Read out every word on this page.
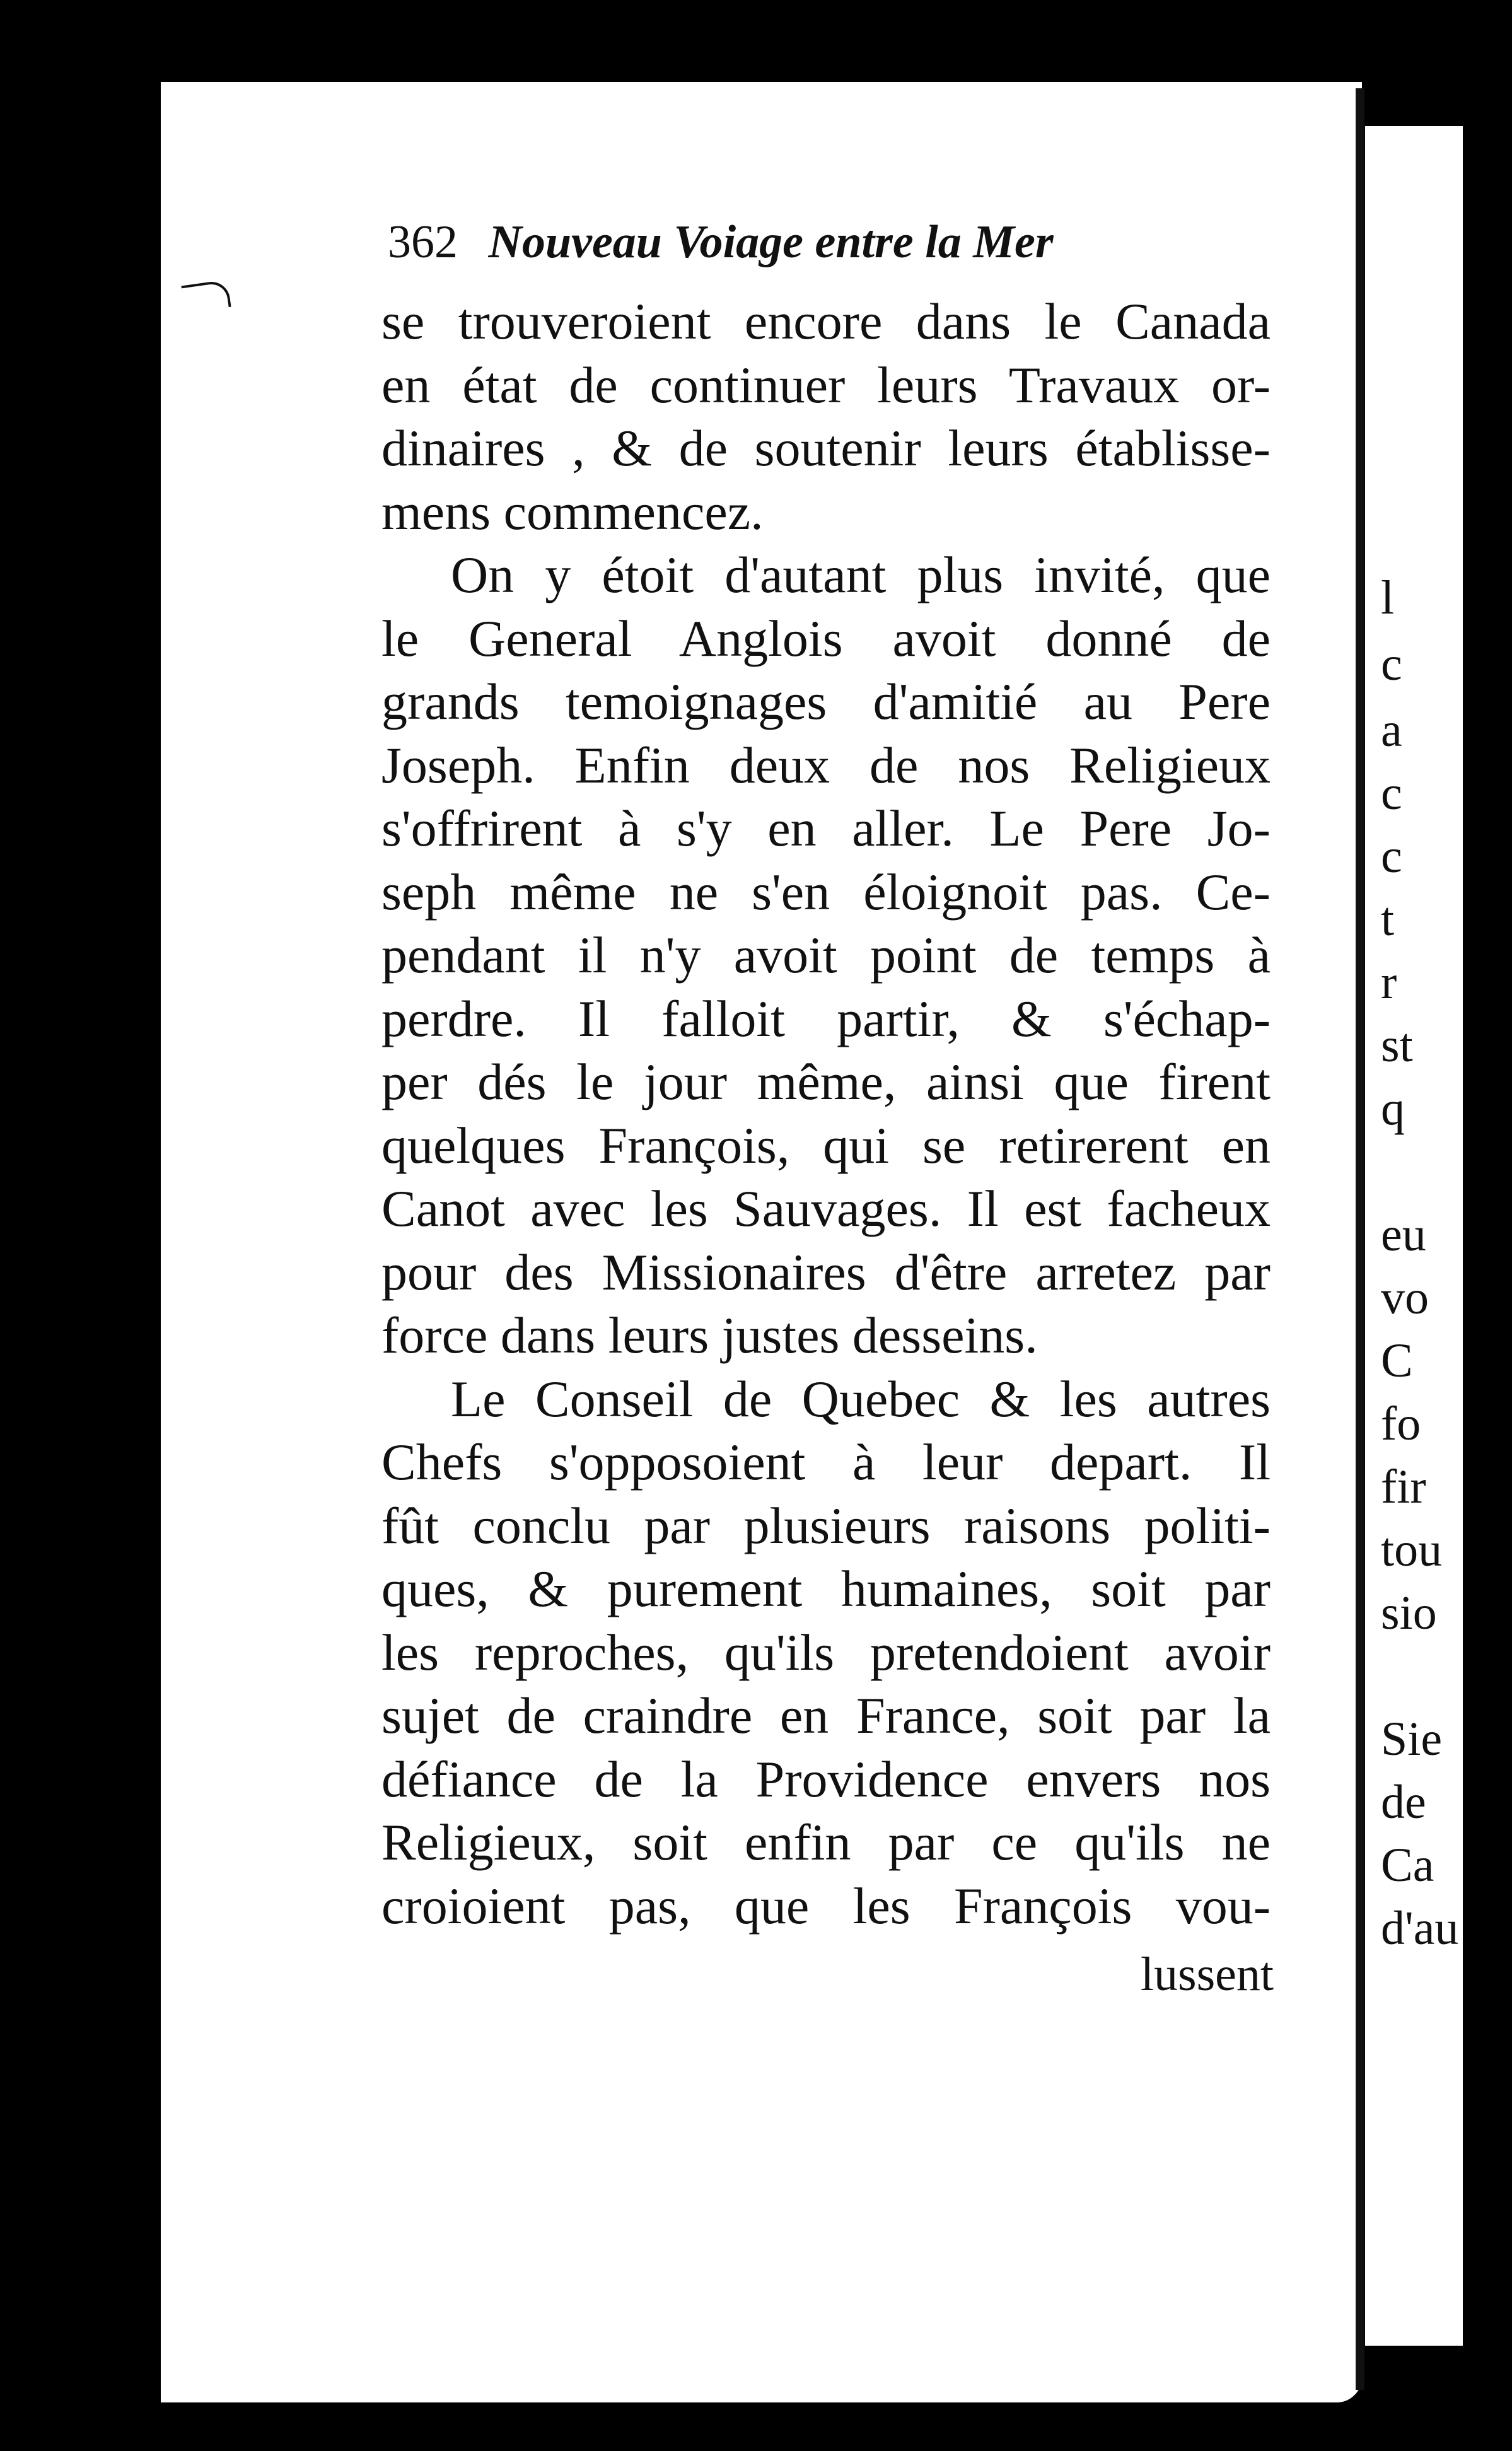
362 Nouveau Voiage entre la Mer
se trouveroient encore dans le Canada
en état de continuer leurs Travaux or-
dinaires , & de soutenir leurs établisse-
mens commencez.
On y étoit d'autant plus invité, que
le General Anglois avoit donné de
grands temoignages d'amitié au Pere
Joseph. Enfin deux de nos Religieux
s'offrirent à s'y en aller. Le Pere Jo-
seph même ne s'en éloignoit pas. Ce-
pendant il n'y avoit point de temps à
perdre. Il falloit partir, & s'échap-
per dés le jour même, ainsi que firent
quelques François, qui se retirerent en
Canot avec les Sauvages. Il est facheux
pour des Missionaires d'être arretez par
force dans leurs justes desseins.
Le Conseil de Quebec & les autres
Chefs s'opposoient à leur depart. Il
fût conclu par plusieurs raisons politi-
ques, & purement humaines, soit par
les reproches, qu'ils pretendoient avoir
sujet de craindre en France, soit par la
défiance de la Providence envers nos
Religieux, soit enfin par ce qu'ils ne
croioient pas, que les François vou-
lussent
l
c
a
c
c
t
r
st
q
eu
vo
C
fo
fir
tou
sio
Sie
de
Ca
d'au
